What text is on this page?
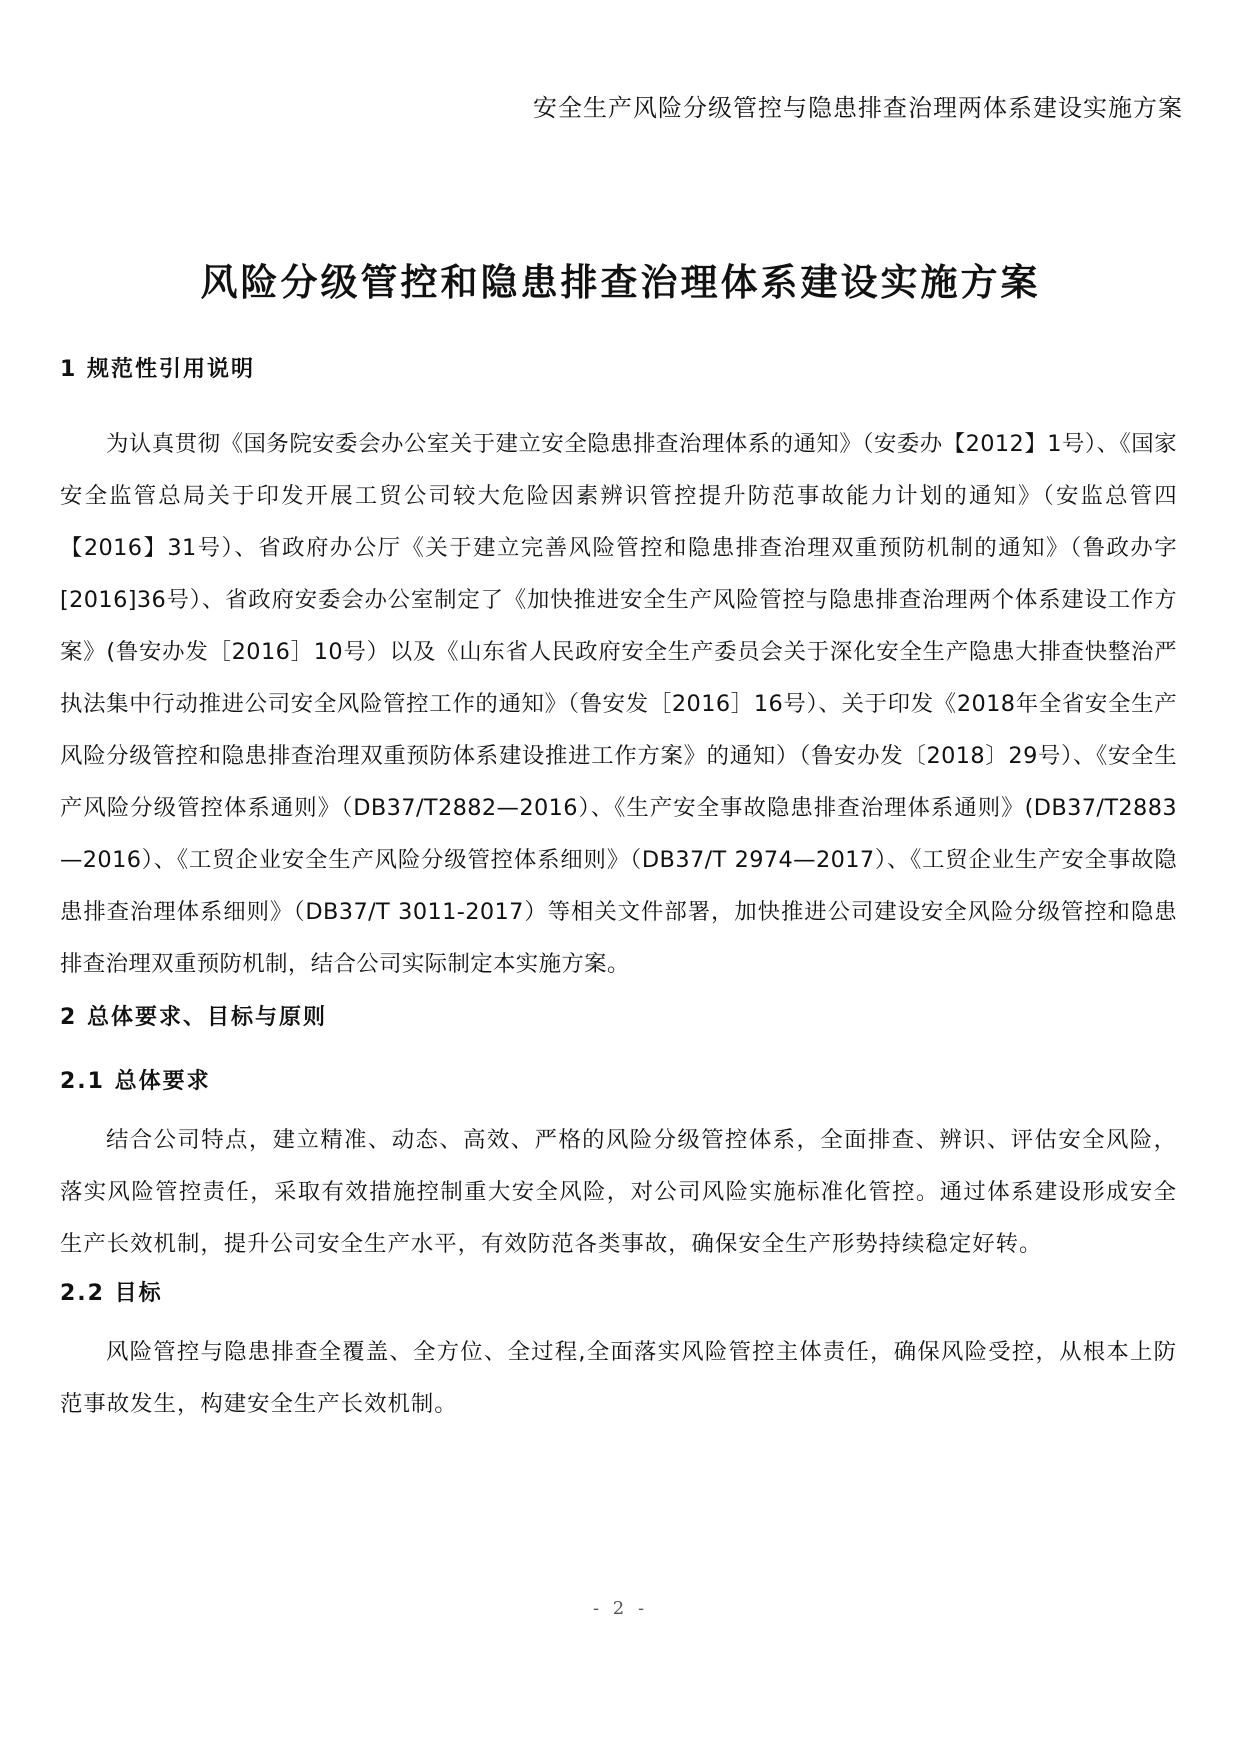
安全生产风险分级管控与隐患排查治理两体系建设实施方案
风险分级管控和隐患排查治理体系建设实施方案
1 规范性引用说明

为认真贯彻《国务院安委会办公室关于建立安全隐患排查治理体系的通知》（安委办【2012】1号）、《国家安全监管总局关于印发开展工贸公司较大危险因素辨识管控提升防范事故能力计划的通知》（安监总管四【2016】31号）、省政府办公厅《关于建立完善风险管控和隐患排查治理双重预防机制的通知》（鲁政办字[2016]36号）、省政府安委会办公室制定了《加快推进安全生产风险管控与隐患排查治理两个体系建设工作方案》(鲁安办发［2016］10号）以及《山东省人民政府安全生产委员会关于深化安全生产隐患大排查快整治严执法集中行动推进公司安全风险管控工作的通知》（鲁安发［2016］16号）、关于印发《2018年全省安全生产风险分级管控和隐患排查治理双重预防体系建设推进工作方案》的通知）（鲁安办发〔2018〕29号）、《安全生产风险分级管控体系通则》（DB37/T2882—2016）、《生产安全事故隐患排查治理体系通则》(DB37/T2883—2016）、《工贸企业安全生产风险分级管控体系细则》（DB37/T 2974—2017）、《工贸企业生产安全事故隐患排查治理体系细则》（DB37/T 3011-2017）等相关文件部署，加快推进公司建设安全风险分级管控和隐患排查治理双重预防机制，结合公司实际制定本实施方案。

2 总体要求、目标与原则
2.1 总体要求

结合公司特点，建立精准、动态、高效、严格的风险分级管控体系，全面排查、辨识、评估安全风险，落实风险管控责任，采取有效措施控制重大安全风险，对公司风险实施标准化管控。通过体系建设形成安全生产长效机制，提升公司安全生产水平，有效防范各类事故，确保安全生产形势持续稳定好转。

2.2 目标

风险管控与隐患排查全覆盖、全方位、全过程,全面落实风险管控主体责任，确保风险受控，从根本上防范事故发生，构建安全生产长效机制。

- 2 -
